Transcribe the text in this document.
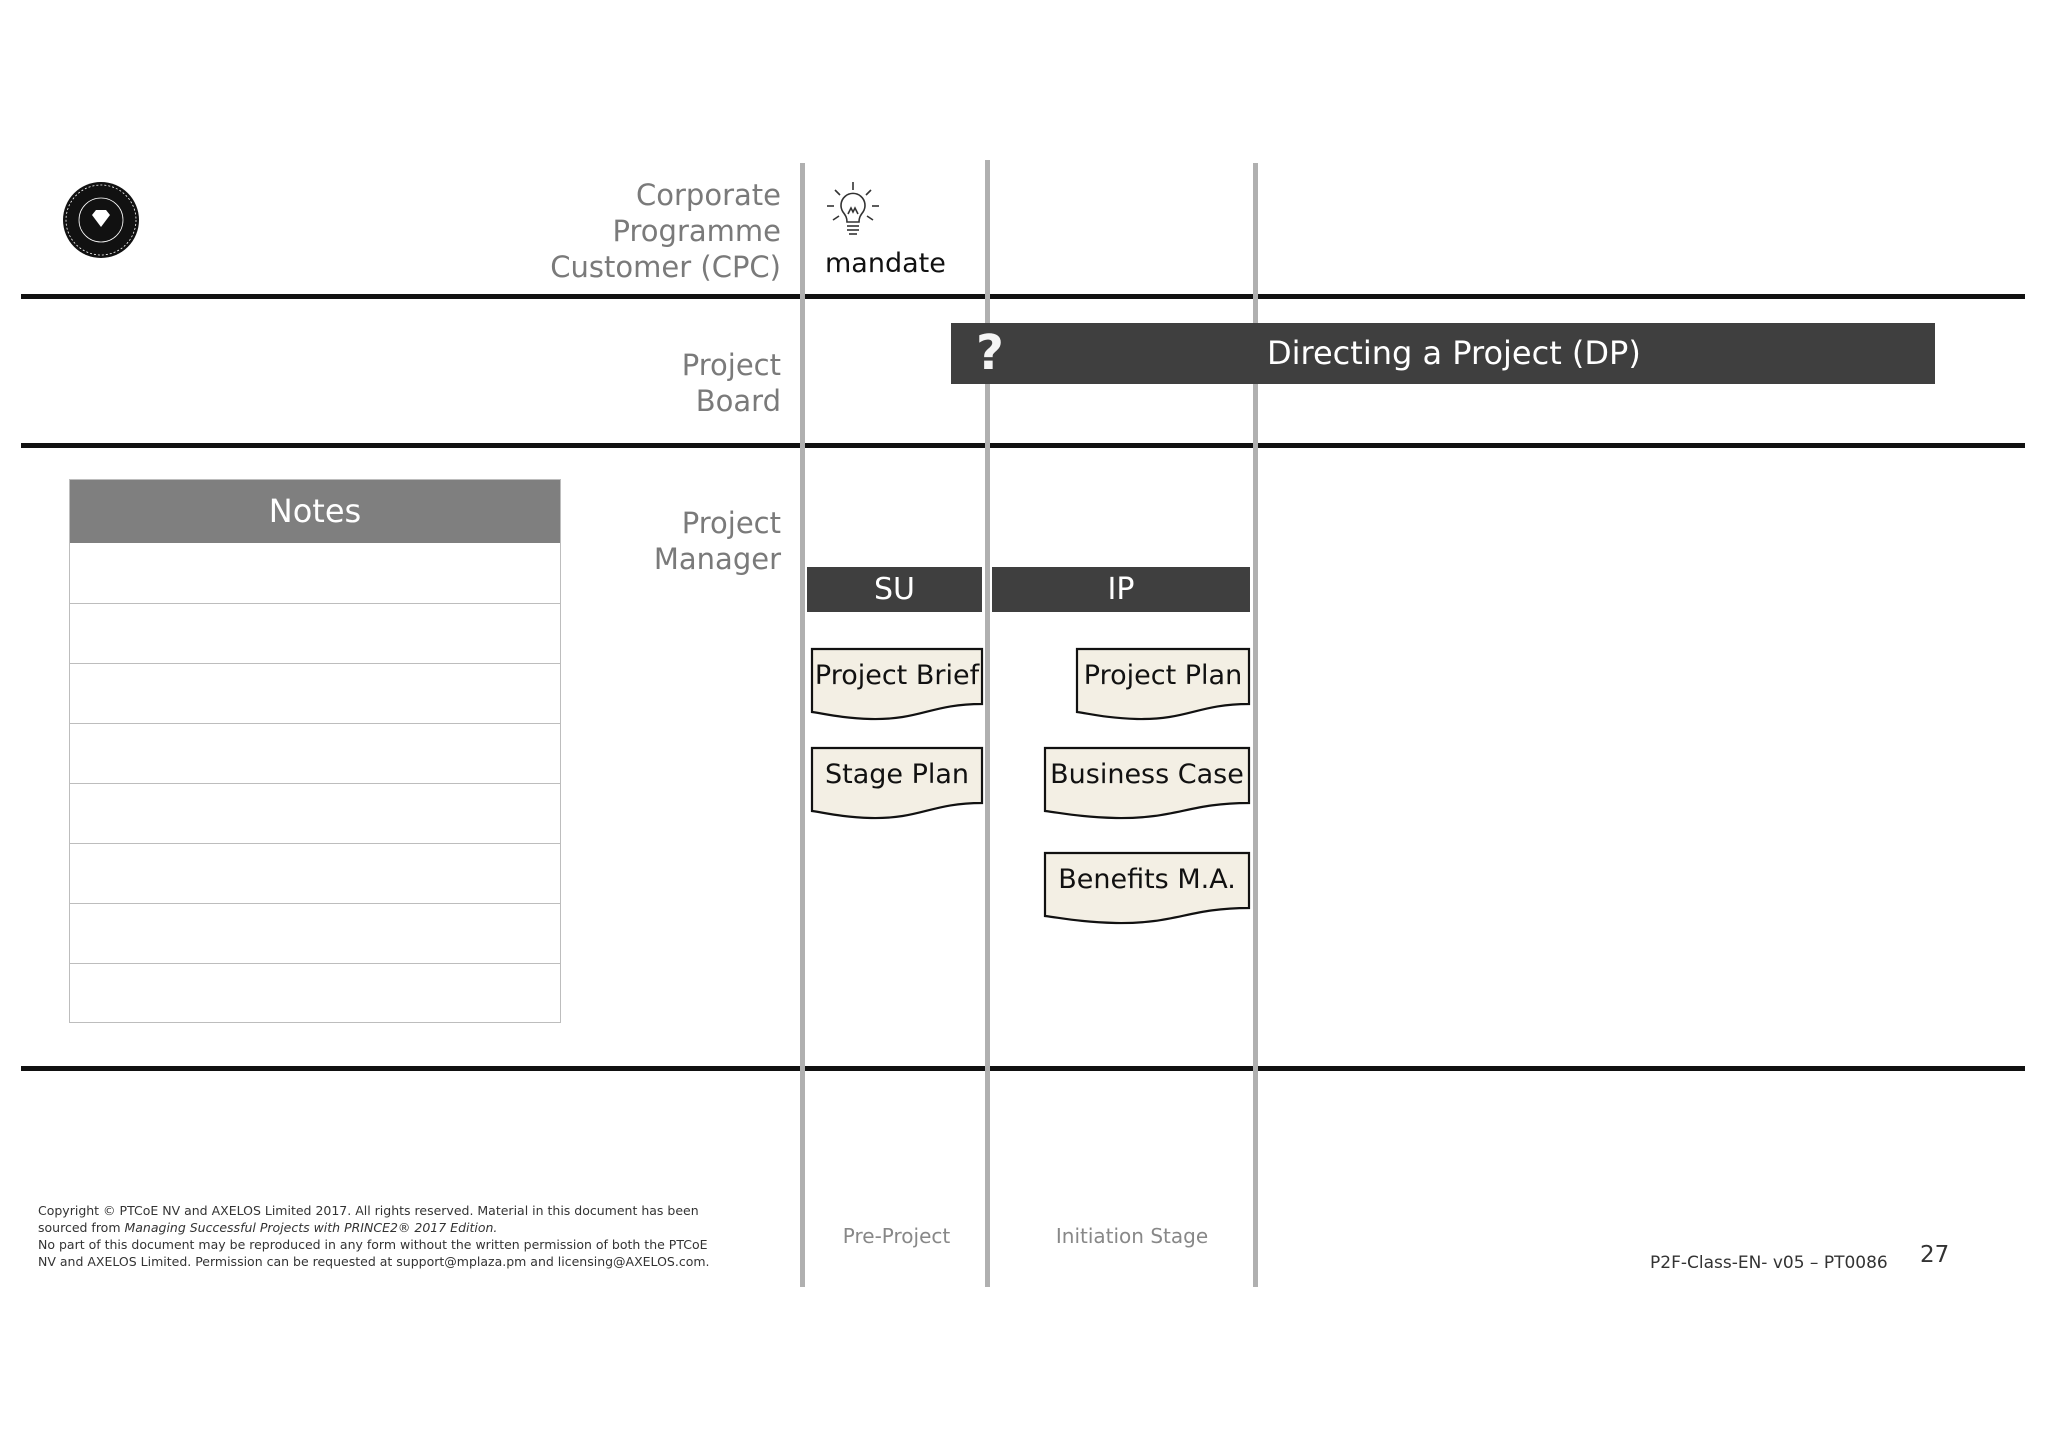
Corporate
Programme
Customer (CPC)
Project
Board
Project
Manager
mandate
?	Directing a Project (DP)
SU	IP
Project Brief
Stage Plan
Project Plan
Business Case
Benefits M.A.
Notes
Pre-Project	Initiation Stage
Copyright © PTCoE NV and AXELOS Limited 2017. All rights reserved. Material in this document has been
sourced from Managing Successful Projects with PRINCE2® 2017 Edition.
No part of this document may be reproduced in any form without the written permission of both the PTCoE
NV and AXELOS Limited. Permission can be requested at support@mplaza.pm and licensing@AXELOS.com.	P2F-Class-EN- v05 – PT0086 27
